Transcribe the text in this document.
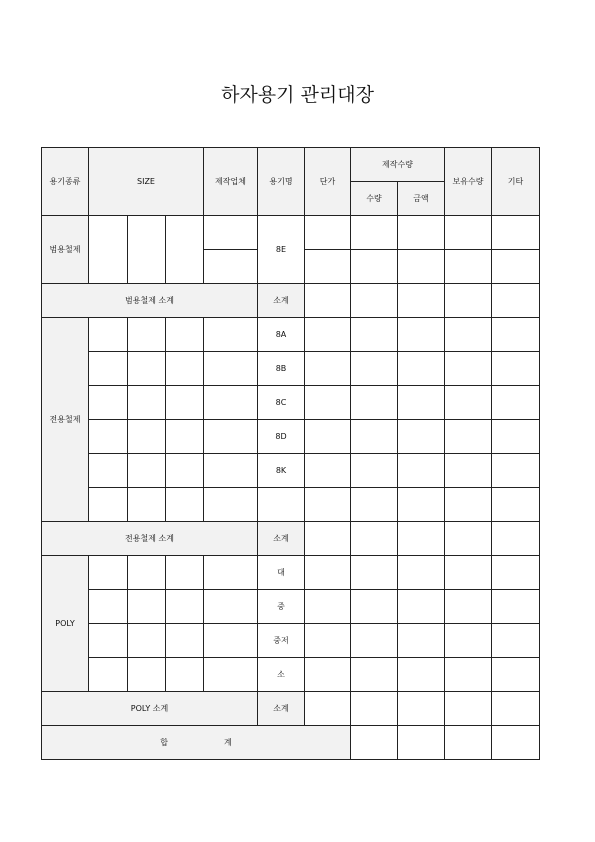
하자용기 관리대장
용기종류	SIZE			제작업체	용기명	단가	제작수량		보유수량	기타
							수량	금액		
범용철제					8E					

범용철제 소계					소계					
전용철제					8A					
					8B					
					8C					
					8D					
					8K					

전용철제 소계					소계					
POLY					대					
					중					
					중저					
					소					
POLY 소계					소계					
합 계										
